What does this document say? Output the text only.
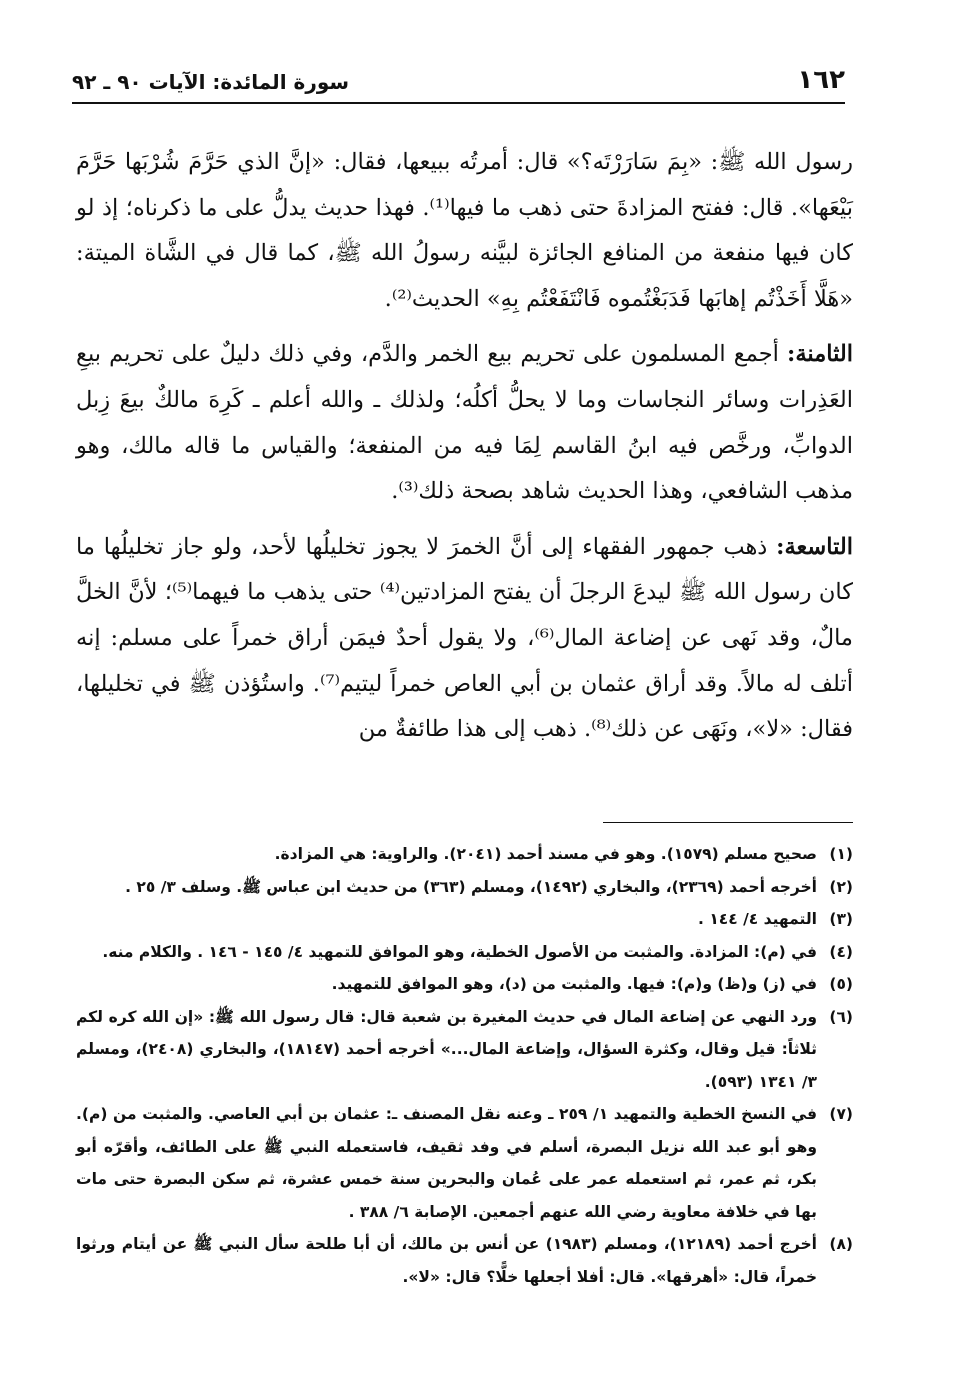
١٦٢
سورة المائدة: الآيات ٩٠ ـ ٩٢

رسول الله ﷺ: «بِمَ سَارَرْتَه؟» قال: أمرتُه ببيعها، فقال: «إنَّ الذي حَرَّمَ شُرْبَها حَرَّمَ بَيْعَها». قال: ففتح المزادةَ حتى ذهب ما فيها⁽¹⁾. فهذا حديث يدلُّ على ما ذكرناه؛ إذ لو كان فيها منفعة من المنافع الجائزة لبيَّنه رسولُ الله ﷺ، كما قال في الشَّاة الميتة: «هَلَّا أَخَذْتُم إهابَها فَدَبَغْتُموه فَانْتَفَعْتُم بِهِ» الحديث⁽²⁾.

الثامنة: أجمع المسلمون على تحريم بيع الخمر والدَّم، وفي ذلك دليلٌ على تحريم بيعِ العَذِرات وسائر النجاسات وما لا يحلُّ أكلُه؛ ولذلك ـ والله أعلم ـ كَرِهَ مالكٌ بيعَ زِبل الدوابِّ، ورخَّص فيه ابنُ القاسم لِمَا فيه من المنفعة؛ والقياس ما قاله مالك، وهو مذهب الشافعي، وهذا الحديث شاهد بصحة ذلك⁽³⁾.

التاسعة: ذهب جمهور الفقهاء إلى أنَّ الخمرَ لا يجوز تخليلُها لأحد، ولو جاز تخليلُها ما كان رسول الله ﷺ ليدعَ الرجلَ أن يفتح المزادتين⁽⁴⁾ حتى يذهب ما فيهما⁽⁵⁾؛ لأنَّ الخلَّ مالٌ، وقد نَهى عن إضاعة المال⁽⁶⁾، ولا يقول أحدٌ فيمَن أراق خمراً على مسلم: إنه أتلف له مالاً. وقد أراق عثمان بن أبي العاص خمراً ليتيم⁽⁷⁾. واستُؤذن ﷺ في تخليلها، فقال: «لا»، ونَهَى عن ذلك⁽⁸⁾. ذهب إلى هذا طائفةٌ من

(١)
صحيح مسلم (١٥٧٩). وهو في مسند أحمد (٢٠٤١). والراوية: هي المزادة.
(٢)
أخرجه أحمد (٢٣٦٩)، والبخاري (١٤٩٢)، ومسلم (٣٦٣) من حديث ابن عباس ﷺ. وسلف ٣/ ٢٥ .
(٣)
التمهيد ٤/ ١٤٤ .
(٤)
في (م): المزادة. والمثبت من الأصول الخطية، وهو الموافق للتمهيد ٤/ ١٤٥ - ١٤٦ . والكلام منه.
(٥)
في (ز) و(ظ) و(م): فيها. والمثبت من (د)، وهو الموافق للتمهيد.
(٦)
ورد النهي عن إضاعة المال في حديث المغيرة بن شعبة قال: قال رسول الله ﷺ: «إن الله كره لكم ثلاثاً: قيل وقال، وكثرة السؤال، وإضاعة المال...» أخرجه أحمد (١٨١٤٧)، والبخاري (٢٤٠٨)، ومسلم ٣/ ١٣٤١ (٥٩٣).
(٧)
في النسخ الخطية والتمهيد ١/ ٢٥٩ ـ وعنه نقل المصنف ـ: عثمان بن أبي العاصي. والمثبت من (م). وهو أبو عبد الله نزيل البصرة، أسلم في وفد ثقيف، فاستعمله النبي ﷺ على الطائف، وأقرّه أبو بكر، ثم عمر، ثم استعمله عمر على عُمان والبحرين سنة خمس عشرة، ثم سكن البصرة حتى مات بها في خلافة معاوية رضي الله عنهم أجمعين. الإصابة ٦/ ٣٨٨ .
(٨)
أخرج أحمد (١٢١٨٩)، ومسلم (١٩٨٣) عن أنس بن مالك، أن أبا طلحة سأل النبي ﷺ عن أيتام ورثوا خمراً، قال: «أهرقها». قال: أفلا أجعلها خلًّا؟ قال: «لا».
